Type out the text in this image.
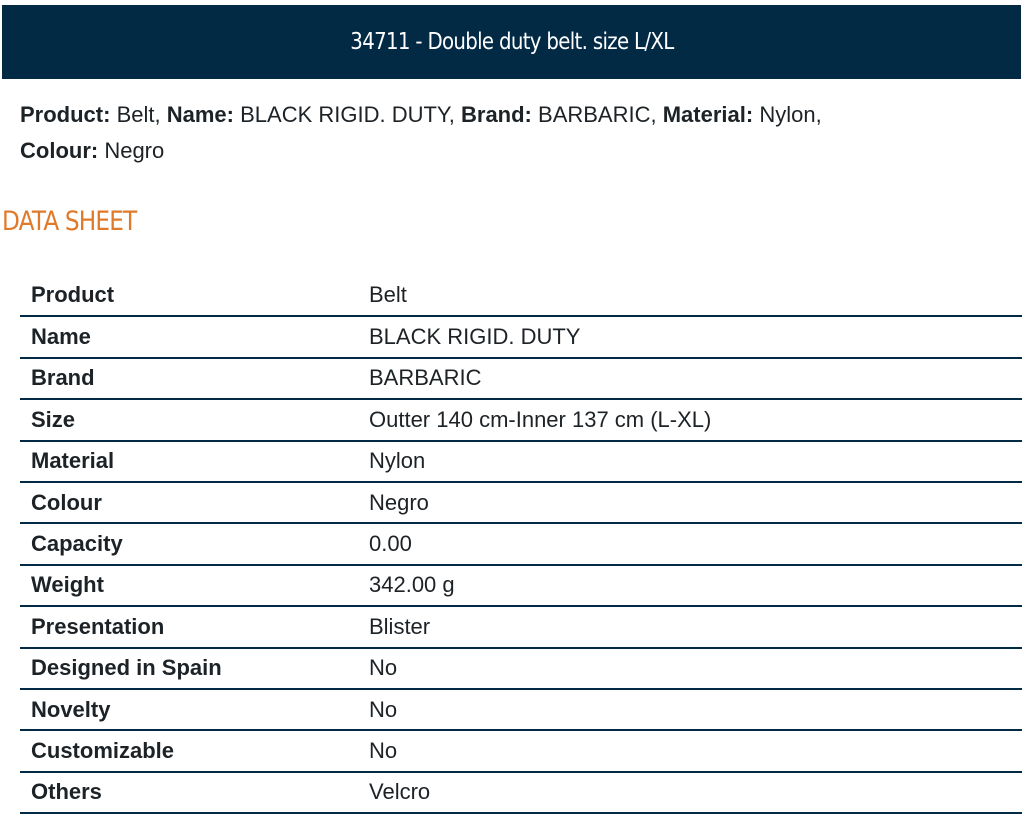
34711 - Double duty belt. size L/XL
Product: Belt, Name: BLACK RIGID. DUTY, Brand: BARBARIC, Material: Nylon,
Colour: Negro
DATA SHEET
Product	Belt
Name	BLACK RIGID. DUTY
Brand	BARBARIC
Size	Outter 140 cm-Inner 137 cm (L-XL)
Material	Nylon
Colour	Negro
Capacity	0.00
Weight	342.00 g
Presentation	Blister
Designed in Spain	No
Novelty	No
Customizable	No
Others	Velcro
